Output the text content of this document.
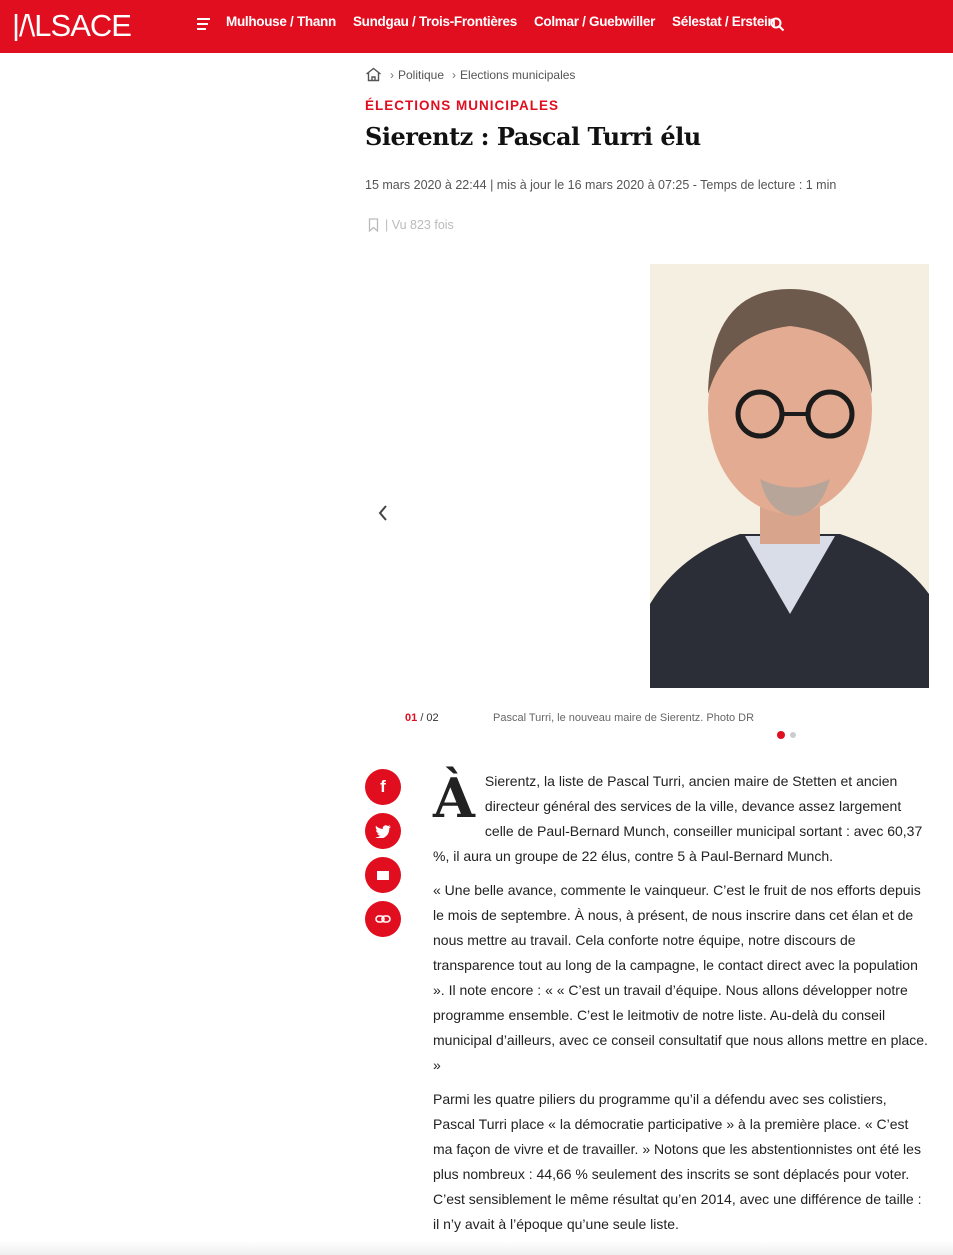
|/\LSACE	Mulhouse / Thann Sundgau / Trois-Frontières Colmar / Guebwiller Sélestat / Erstein
› Politique › Elections municipales
ÉLECTIONS MUNICIPALES
Sierentz : Pascal Turri élu
15 mars 2020 à 22:44 | mis à jour le 16 mars 2020 à 07:25 - Temps de lecture : 1 min
| Vu 823 fois
01 / 02	Pascal Turri, le nouveau maire de Sierentz. Photo DR
f À Sierentz, la liste de Pascal Turri, ancien maire de Stetten et ancien directeur général des services de la ville, devance assez largement celle de Paul-Bernard Munch, conseiller municipal sortant : avec 60,37 %, il aura un groupe de 22 élus, contre 5 à Paul-Bernard Munch.

« Une belle avance, commente le vainqueur. C’est le fruit de nos efforts depuis le mois de septembre. À nous, à présent, de nous inscrire dans cet élan et de nous mettre au travail. Cela conforte notre équipe, notre discours de transparence tout au long de la campagne, le contact direct avec la population ». Il note encore : « « C’est un travail d’équipe. Nous allons développer notre programme ensemble. C’est le leitmotiv de notre liste. Au-delà du conseil municipal d’ailleurs, avec ce conseil consultatif que nous allons mettre en place. »

Parmi les quatre piliers du programme qu’il a défendu avec ses colistiers, Pascal Turri place « la démocratie participative » à la première place. « C’est ma façon de vivre et de travailler. » Notons que les abstentionnistes ont été les plus nombreux : 44,66 % seulement des inscrits se sont déplacés pour voter. C’est sensiblement le même résultat qu’en 2014, avec une différence de taille : il n’y avait à l’époque qu’une seule liste.
